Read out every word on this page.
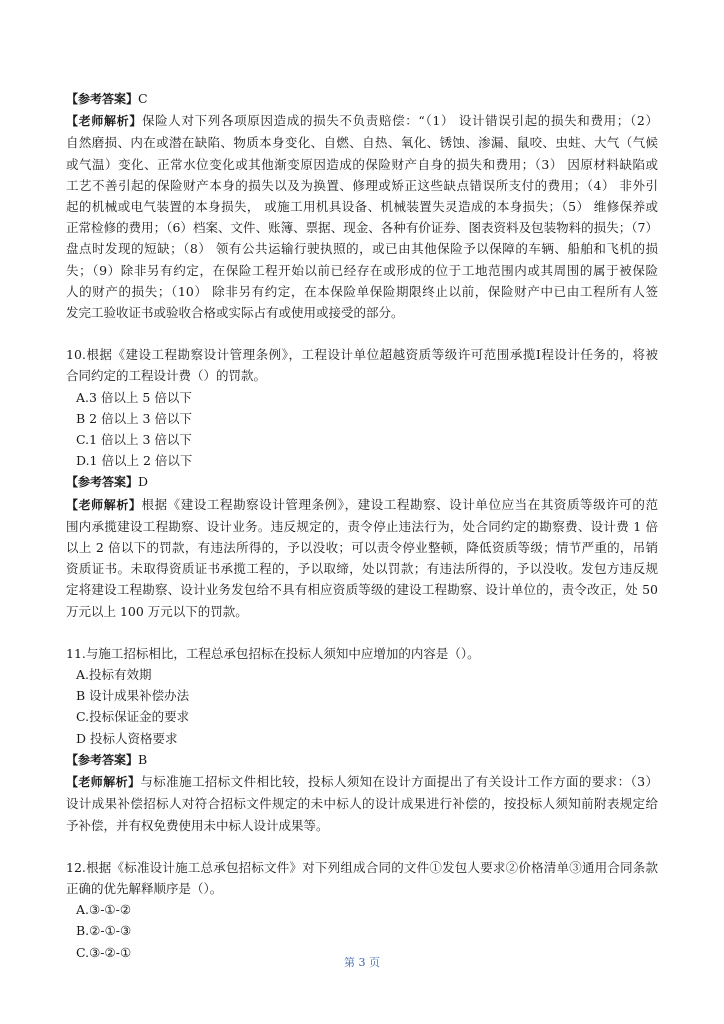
【参考答案】C
【老师解析】保险人对下列各项原因造成的损失不负责赔偿：“（1） 设计错误引起的损失和费用；（2）
自然磨损、内在或潜在缺陷、物质本身变化、自燃、自热、氧化、锈蚀、渗漏、鼠咬、虫蛀、大气（气候
或气温）变化、正常水位变化或其他渐变原因造成的保险财产自身的损失和费用；（3） 因原材料缺陷或
工艺不善引起的保险财产本身的损失以及为换置、修理或矫正这些缺点错误所支付的费用；（4） 非外引
起的机械或电气装置的本身损失， 或施工用机具设备、机械装置失灵造成的本身损失；（5） 维修保养或
正常检修的费用；（6）档案、文件、账簿、票据、现金、各种有价证券、图表资料及包装物料的损失；（7）
盘点时发现的短缺；（8） 领有公共运输行驶执照的，或已由其他保险予以保障的车辆、船舶和飞机的损
失；（9）除非另有约定，在保险工程开始以前已经存在或形成的位于工地范围内或其周围的属于被保险
人的财产的损失；（10） 除非另有约定，在本保险单保险期限终止以前，保险财产中已由工程所有人签
发完工验收证书或验收合格或实际占有或使用或接受的部分。
10.根据《建设工程勘察设计管理条例》，工程设计单位超越资质等级许可范围承揽Ⅰ程设计任务的，将被
合同约定的工程设计费（）的罚款。
A.3 倍以上 5 倍以下
B 2 倍以上 3 倍以下
C.1 倍以上 3 倍以下
D.1 倍以上 2 倍以下
【参考答案】D
【老师解析】根据《建设工程勘察设计管理条例》，建设工程勘察、设计单位应当在其资质等级许可的范
围内承揽建设工程勘察、设计业务。违反规定的，责令停止违法行为，处合同约定的勘察费、设计费 1 倍
以上 2 倍以下的罚款，有违法所得的，予以没收；可以责令停业整顿，降低资质等级；情节严重的，吊销
资质证书。未取得资质证书承揽工程的，予以取缔，处以罚款；有违法所得的，予以没收。发包方违反规
定将建设工程勘察、设计业务发包给不具有相应资质等级的建设工程勘察、设计单位的，责令改正，处 50
万元以上 100 万元以下的罚款。
11.与施工招标相比，工程总承包招标在投标人须知中应增加的内容是（）。
A.投标有效期
B 设计成果补偿办法
C.投标保证金的要求
D 投标人资格要求
【参考答案】B
【老师解析】与标准施工招标文件相比较，投标人须知在设计方面提出了有关设计工作方面的要求：（3）
设计成果补偿招标人对符合招标文件规定的未中标人的设计成果进行补偿的，按投标人须知前附表规定给
予补偿，并有权免费使用未中标人设计成果等。
12.根据《标准设计施工总承包招标文件》对下列组成合同的文件①发包人要求②价格清单③通用合同条款
正确的优先解释顺序是（）。
A.③-①-②
B.②-①-③
C.③-②-①
第 3 页
